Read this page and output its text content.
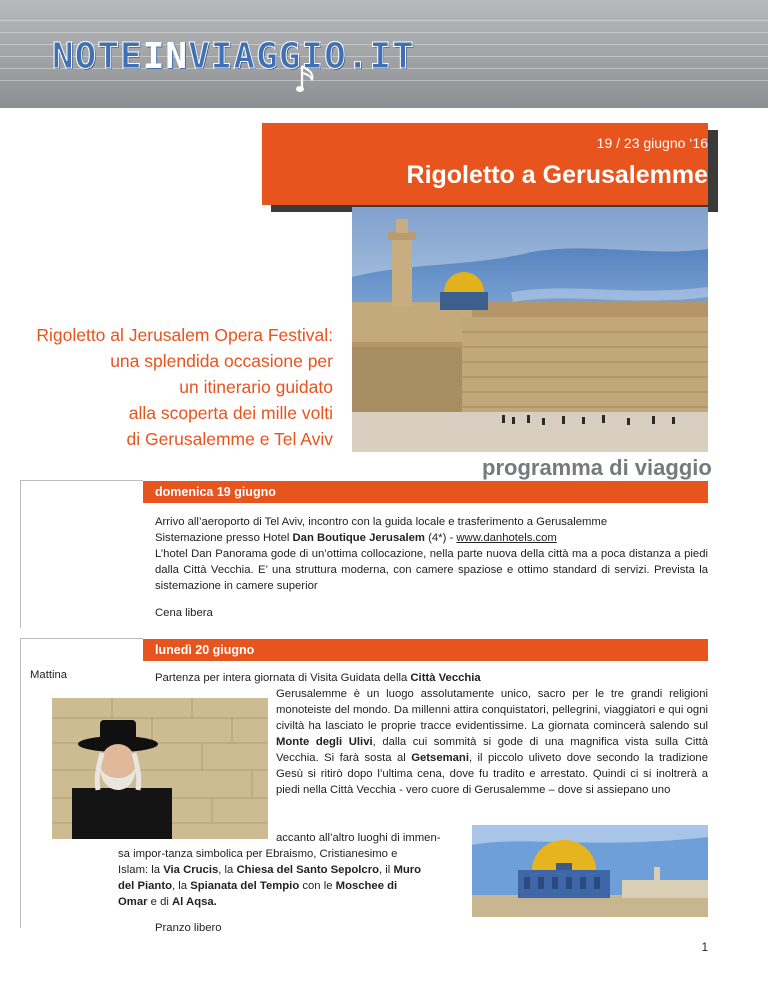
NOTEINVIAGGIO.IT
19 / 23 giugno ‘16
Rigoletto a Gerusalemme
Rigoletto al Jerusalem Opera Festival:
una splendida occasione per
un itinerario guidato
alla scoperta dei mille volti
di Gerusalemme e Tel Aviv
programma di viaggio
domenica 19 giugno
Arrivo all’aeroporto di Tel Aviv, incontro con la guida locale e trasferimento a Gerusalemme
Sistemazione presso Hotel Dan Boutique Jerusalem (4*) - www.danhotels.com
L’hotel Dan Panorama gode di un’ottima collocazione, nella parte nuova della città ma a poca distanza a piedi dalla Città Vecchia. E’ una struttura moderna, con camere spaziose e ottimo standard di servizi. Prevista la sistemazione in camere superior
Cena libera
lunedì 20 giugno
Mattina	Partenza per intera giornata di Visita Guidata della Città Vecchia
Gerusalemme è un luogo assolutamente unico, sacro per le tre grandi religioni monoteiste del mondo. Da millenni attira conquistatori, pellegrini, viaggiatori e qui ogni civiltà ha lasciato le proprie tracce evidentissime. La giornata comincerà salendo sul Monte degli Ulivi, dalla cui sommità si gode di una magnifica vista sulla Città Vecchia. Si farà sosta al Getsemani, il piccolo uliveto dove secondo la tradizione Gesù si ritirò dopo l’ultima cena, dove fu tradito e arrestato. Quindi ci si inoltrerà a piedi nella Città Vecchia - vero cuore di Gerusalemme – dove si assiepano uno
accanto all’altro luoghi di immen-
sa impor-tanza simbolica per Ebraismo, Cristianesimo e
Islam: la Via Crucis, la Chiesa del Santo Sepolcro, il Muro
del Pianto, la Spianata del Tempio con le Moschee di
Omar e di Al Aqsa.
Pranzo libero
1
